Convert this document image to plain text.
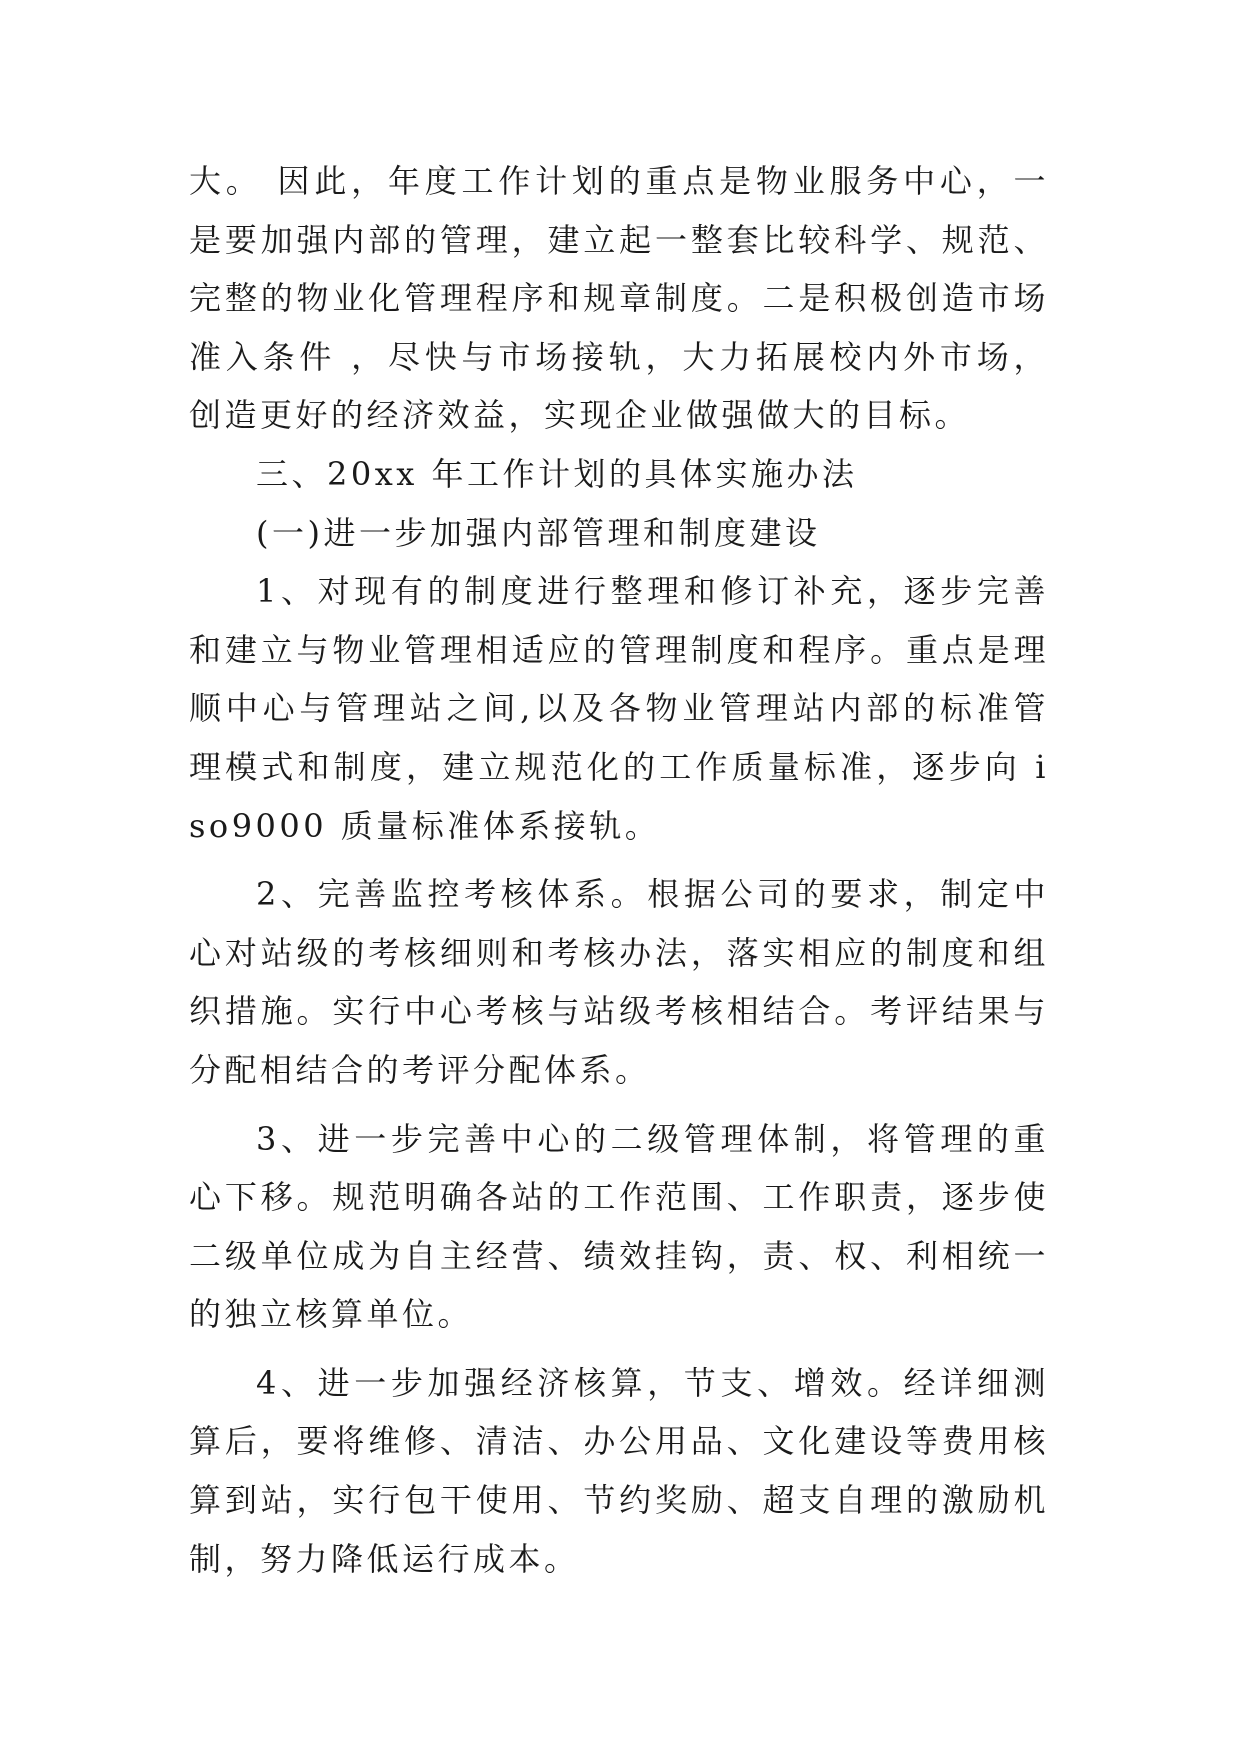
大。 因此，年度工作计划的重点是物业服务中心，一是要加强内部的管理，建立起一整套比较科学、规范、完整的物业化管理程序和规章制度。二是积极创造市场准入条件 ，尽快与市场接轨，大力拓展校内外市场，创造更好的经济效益，实现企业做强做大的目标。

三、20xx 年工作计划的具体实施办法

(一)进一步加强内部管理和制度建设

1、对现有的制度进行整理和修订补充，逐步完善和建立与物业管理相适应的管理制度和程序。重点是理顺中心与管理站之间,以及各物业管理站内部的标准管理模式和制度，建立规范化的工作质量标准，逐步向 iso9000 质量标准体系接轨。

2、完善监控考核体系。根据公司的要求，制定中心对站级的考核细则和考核办法，落实相应的制度和组织措施。实行中心考核与站级考核相结合。考评结果与分配相结合的考评分配体系。

3、进一步完善中心的二级管理体制，将管理的重心下移。规范明确各站的工作范围、工作职责，逐步使二级单位成为自主经营、绩效挂钩，责、权、利相统一的独立核算单位。

4、进一步加强经济核算，节支、增效。经详细测算后，要将维修、清洁、办公用品、文化建设等费用核算到站，实行包干使用、节约奖励、超支自理的激励机制，努力降低运行成本。
